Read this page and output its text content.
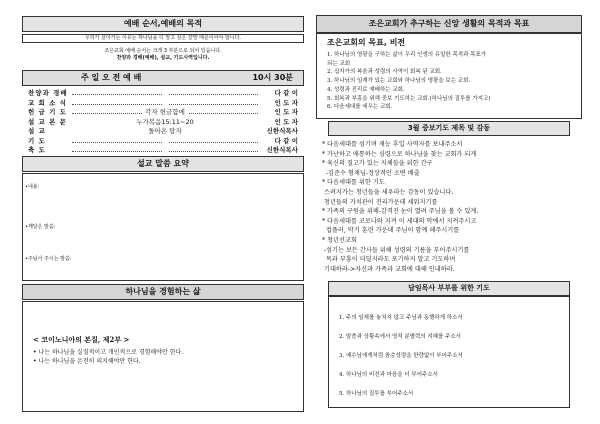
예배 순서,예배의 목적
우리가 살아가는 이유는 하나님을 더 알고 싶은 갈망 때문이어야 합니다.
조은교회 예배 순서는 크게 3 부분으로 되어 있습니다.
찬양과 경배(예배), 설교, 기도사역입니다.
주 일 오 전 예 배	10시 30분
찬양과 경배	다 같 이
교 회 소 식	인 도 자
헌 금 기 도	각자 헌금함에	인 도 자
설 교 본 문	누가복음15:11~20	인 도 자
설 교	돌아온 탕자	신한식목사
기 도	다 같 이
축 도	신한식목사
설교 말씀 요약
•내용:
•깨달은 말씀:
•주님이 주시는 말씀:
하나님을 경험하는 삶
< 코이노니아의 본질, 제2부 >
• 나는 하나님을 실질적이고 개인적으로 경험해야만 한다.
• 나는 하나님을 온전히 의지해야만 한다.
조은교회가 추구하는 신앙 생활의 목적과 목표
조은교회의 목표, 비전
1. 하나님의 영광을 구하는 삶이 우리 인생의 유일한 목적과 목표가
되는 교회
2. 십자가의 복음과 성령의 사역이 회복 된 교회.
3. 하나님의 임재가 있는 교회와 하나님의 영광을 보는 교회.
4. 성령과 진리로 예배하는 교회.
5. 회복과 부흥을 위해 중보 기도하는 교회.(하나님의 질투를 가지고)
6. 다음세대를 세우는 교회.
3월 중보기도 제목 및 감동
* 다음세대를 섬기며 재능 후입 사역자를 보내주소서
* 가난하고 애통하는 심령으로 하나님을 찾는 교회가 되게
* 육신의 질고가 있는 지체들을 위한 간구
-김준수 형제님-정상적인 소변 배출
* 다음세대를 위한 기도
스려지가는 청년들을 세우라는 감동이 있습니다.
청년들의 가치관이 진리가운데 세워지기를
* 가족의 구원을 위해-감격진 눈이 열려 주님을 볼 수 있게.
* 다음세대를 코로나와 지켜 이 세대의 악에서 지켜주시고
컵플러, 악기 훈련 가운데 주님이 함께 해주시기를
* 청년선교회
-섬기는 보든 간사들 위해 성령의 기름을 부어주시기를
목과 부흥이 더딜지라도 포기하지 말고 기도하며
기대하라->자신과 가족과 교회에 대해 인내하라.
담임목사 부부를 위한 기도
1. 주의 임재를 놓치지 않고 주님과 동행하게 하소서
2. 말씀과 상황속에서 영적 분별력의 지혜를 주소서
3. 예수님에게처럼 참층성령을 한량없이 부어주소서
4. 하나님의 비전과 마음을 더 부어주소서
5. 하나님의 질투를 부어주소서
